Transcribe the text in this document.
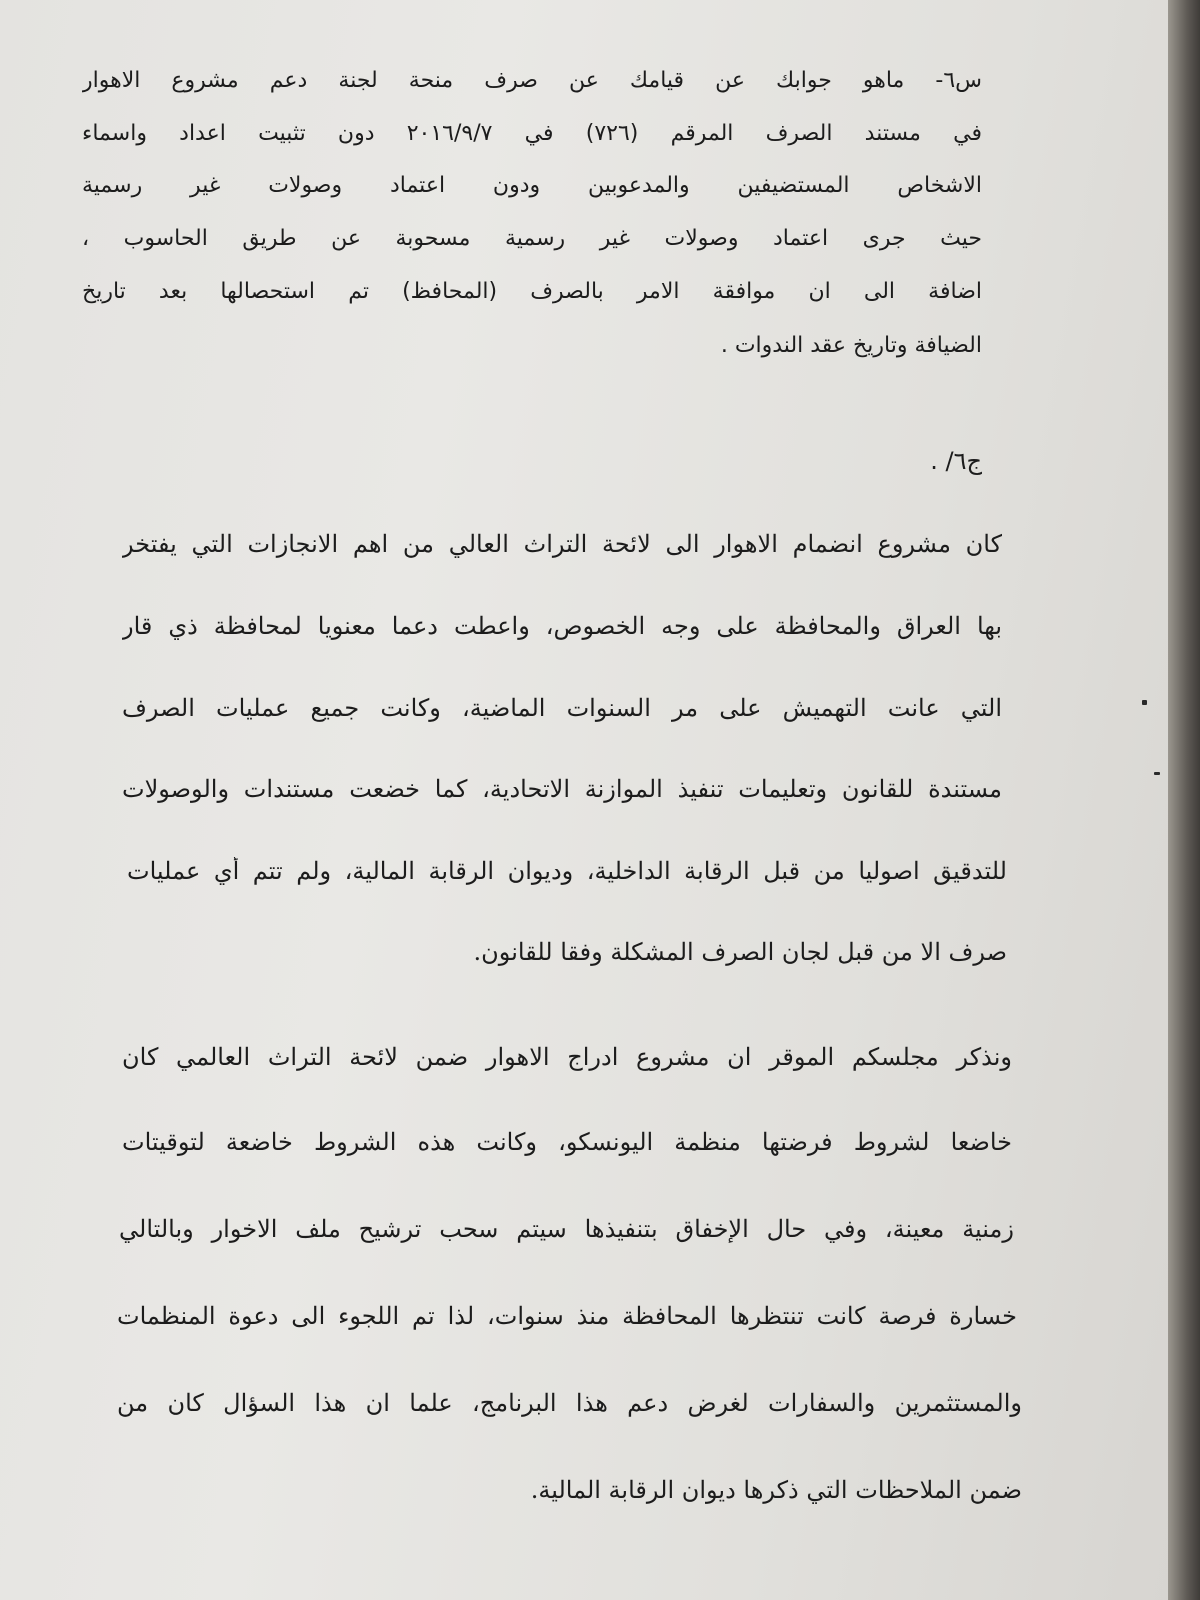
س٦- ماهو جوابك عن قيامك عن صرف منحة لجنة دعم مشروع الاهوار
في مستند الصرف المرقم (٧٢٦) في ٢٠١٦/٩/٧ دون تثبيت اعداد واسماء
الاشخاص المستضيفين والمدعوبين ودون اعتماد وصولات غير رسمية
حيث جرى اعتماد وصولات غير رسمية مسحوبة عن طريق الحاسوب ،
اضافة الى ان موافقة الامر بالصرف (المحافظ) تم استحصالها بعد تاريخ
الضيافة وتاريخ عقد الندوات .
ج٦/ .
كان مشروع انضمام الاهوار الى لائحة التراث العالي من اهم الانجازات التي يفتخر
بها العراق والمحافظة على وجه الخصوص، واعطت دعما معنويا لمحافظة ذي قار
التي عانت التهميش على مر السنوات الماضية، وكانت جميع عمليات الصرف
مستندة للقانون وتعليمات تنفيذ الموازنة الاتحادية، كما خضعت مستندات والوصولات
للتدقيق اصوليا من قبل الرقابة الداخلية، وديوان الرقابة المالية، ولم تتم أي عمليات
صرف الا من قبل لجان الصرف المشكلة وفقا للقانون.
ونذكر مجلسكم الموقر ان مشروع ادراج الاهوار ضمن لائحة التراث العالمي كان
خاضعا لشروط فرضتها منظمة اليونسكو، وكانت هذه الشروط خاضعة لتوقيتات
زمنية معينة، وفي حال الإخفاق بتنفيذها سيتم سحب ترشيح ملف الاخوار وبالتالي
خسارة فرصة كانت تنتظرها المحافظة منذ سنوات، لذا تم اللجوء الى دعوة المنظمات
والمستثمرين والسفارات لغرض دعم هذا البرنامج، علما ان هذا السؤال كان من
ضمن الملاحظات التي ذكرها ديوان الرقابة المالية.
